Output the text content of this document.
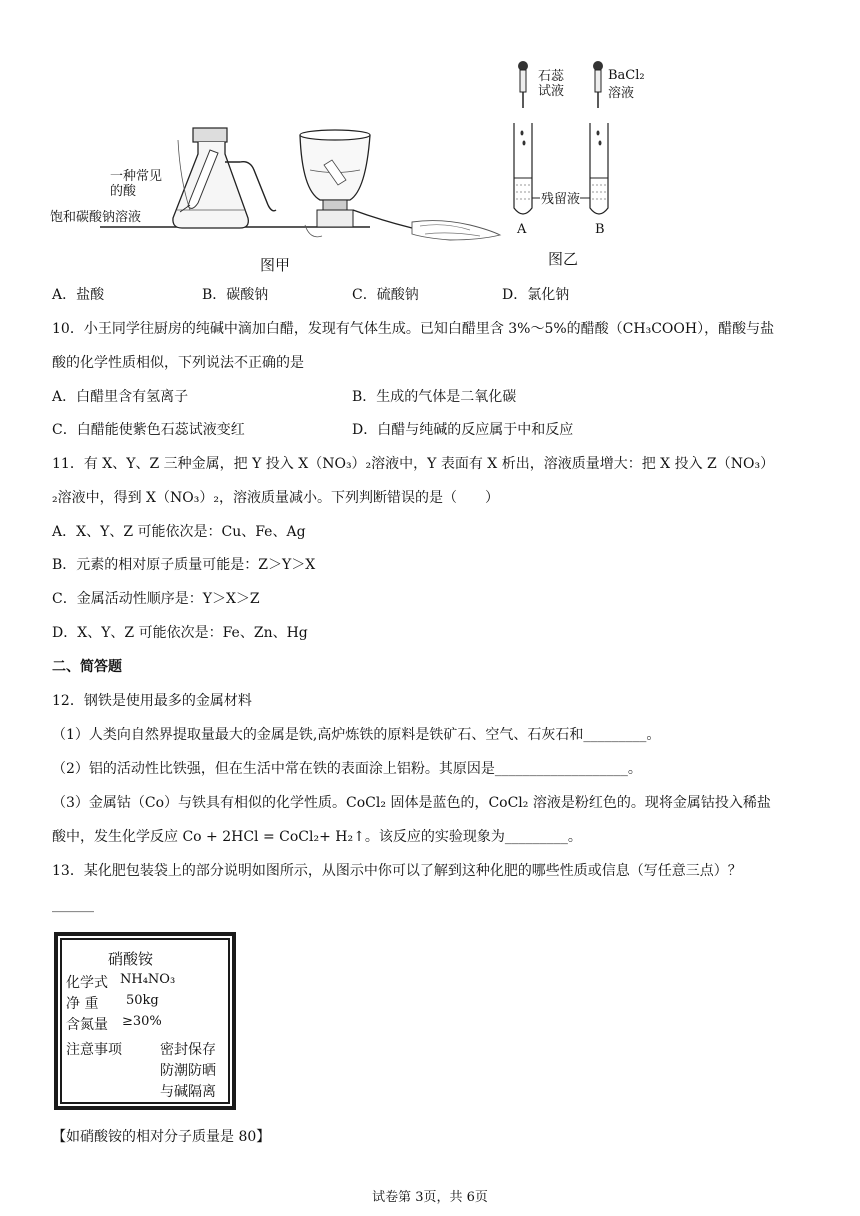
一种常见
的酸
饱和碳酸钠溶液
石蕊
试液
BaCl₂
溶液
残留液
A	B
图甲	图乙
A．盐酸	B．碳酸钠	C．硫酸钠	D．氯化钠
10．小王同学往厨房的纯碱中滴加白醋，发现有气体生成。已知白醋里含 3%～5%的醋酸（CH₃COOH），醋酸与盐
酸的化学性质相似，下列说法不正确的是
A．白醋里含有氢离子	B．生成的气体是二氧化碳
C．白醋能使紫色石蕊试液变红	D．白醋与纯碱的反应属于中和反应
11．有 X、Y、Z 三种金属，把 Y 投入 X（NO₃）₂溶液中，Y 表面有 X 析出，溶液质量增大：把 X 投入 Z（NO₃）
₂溶液中，得到 X（NO₃）₂，溶液质量减小。下列判断错误的是（　　）
A．X、Y、Z 可能依次是：Cu、Fe、Ag
B．元素的相对原子质量可能是：Z＞Y＞X
C．金属活动性顺序是：Y＞X＞Z
D．X、Y、Z 可能依次是：Fe、Zn、Hg
二、简答题
12．钢铁是使用最多的金属材料
（1）人类向自然界提取量最大的金属是铁,高炉炼铁的原料是铁矿石、空气、石灰石和_________。
（2）铝的活动性比铁强，但在生活中常在铁的表面涂上铝粉。其原因是___________________。
（3）金属钴（Co）与铁具有相似的化学性质。CoCl₂ 固体是蓝色的，CoCl₂ 溶液是粉红色的。现将金属钴投入稀盐
酸中，发生化学反应 Co + 2HCl = CoCl₂+ H₂↑。该反应的实验现象为_________。
13．某化肥包装袋上的部分说明如图所示，从图示中你可以了解到这种化肥的哪些性质或信息（写任意三点）？
______
硝酸铵
化学式 NH₄NO₃
净 重 50kg
含氮量 ≥30%
注意事项	密封保存
防潮防晒
与碱隔离
【如硝酸铵的相对分子质量是 80】
试卷第 3页，共 6页
